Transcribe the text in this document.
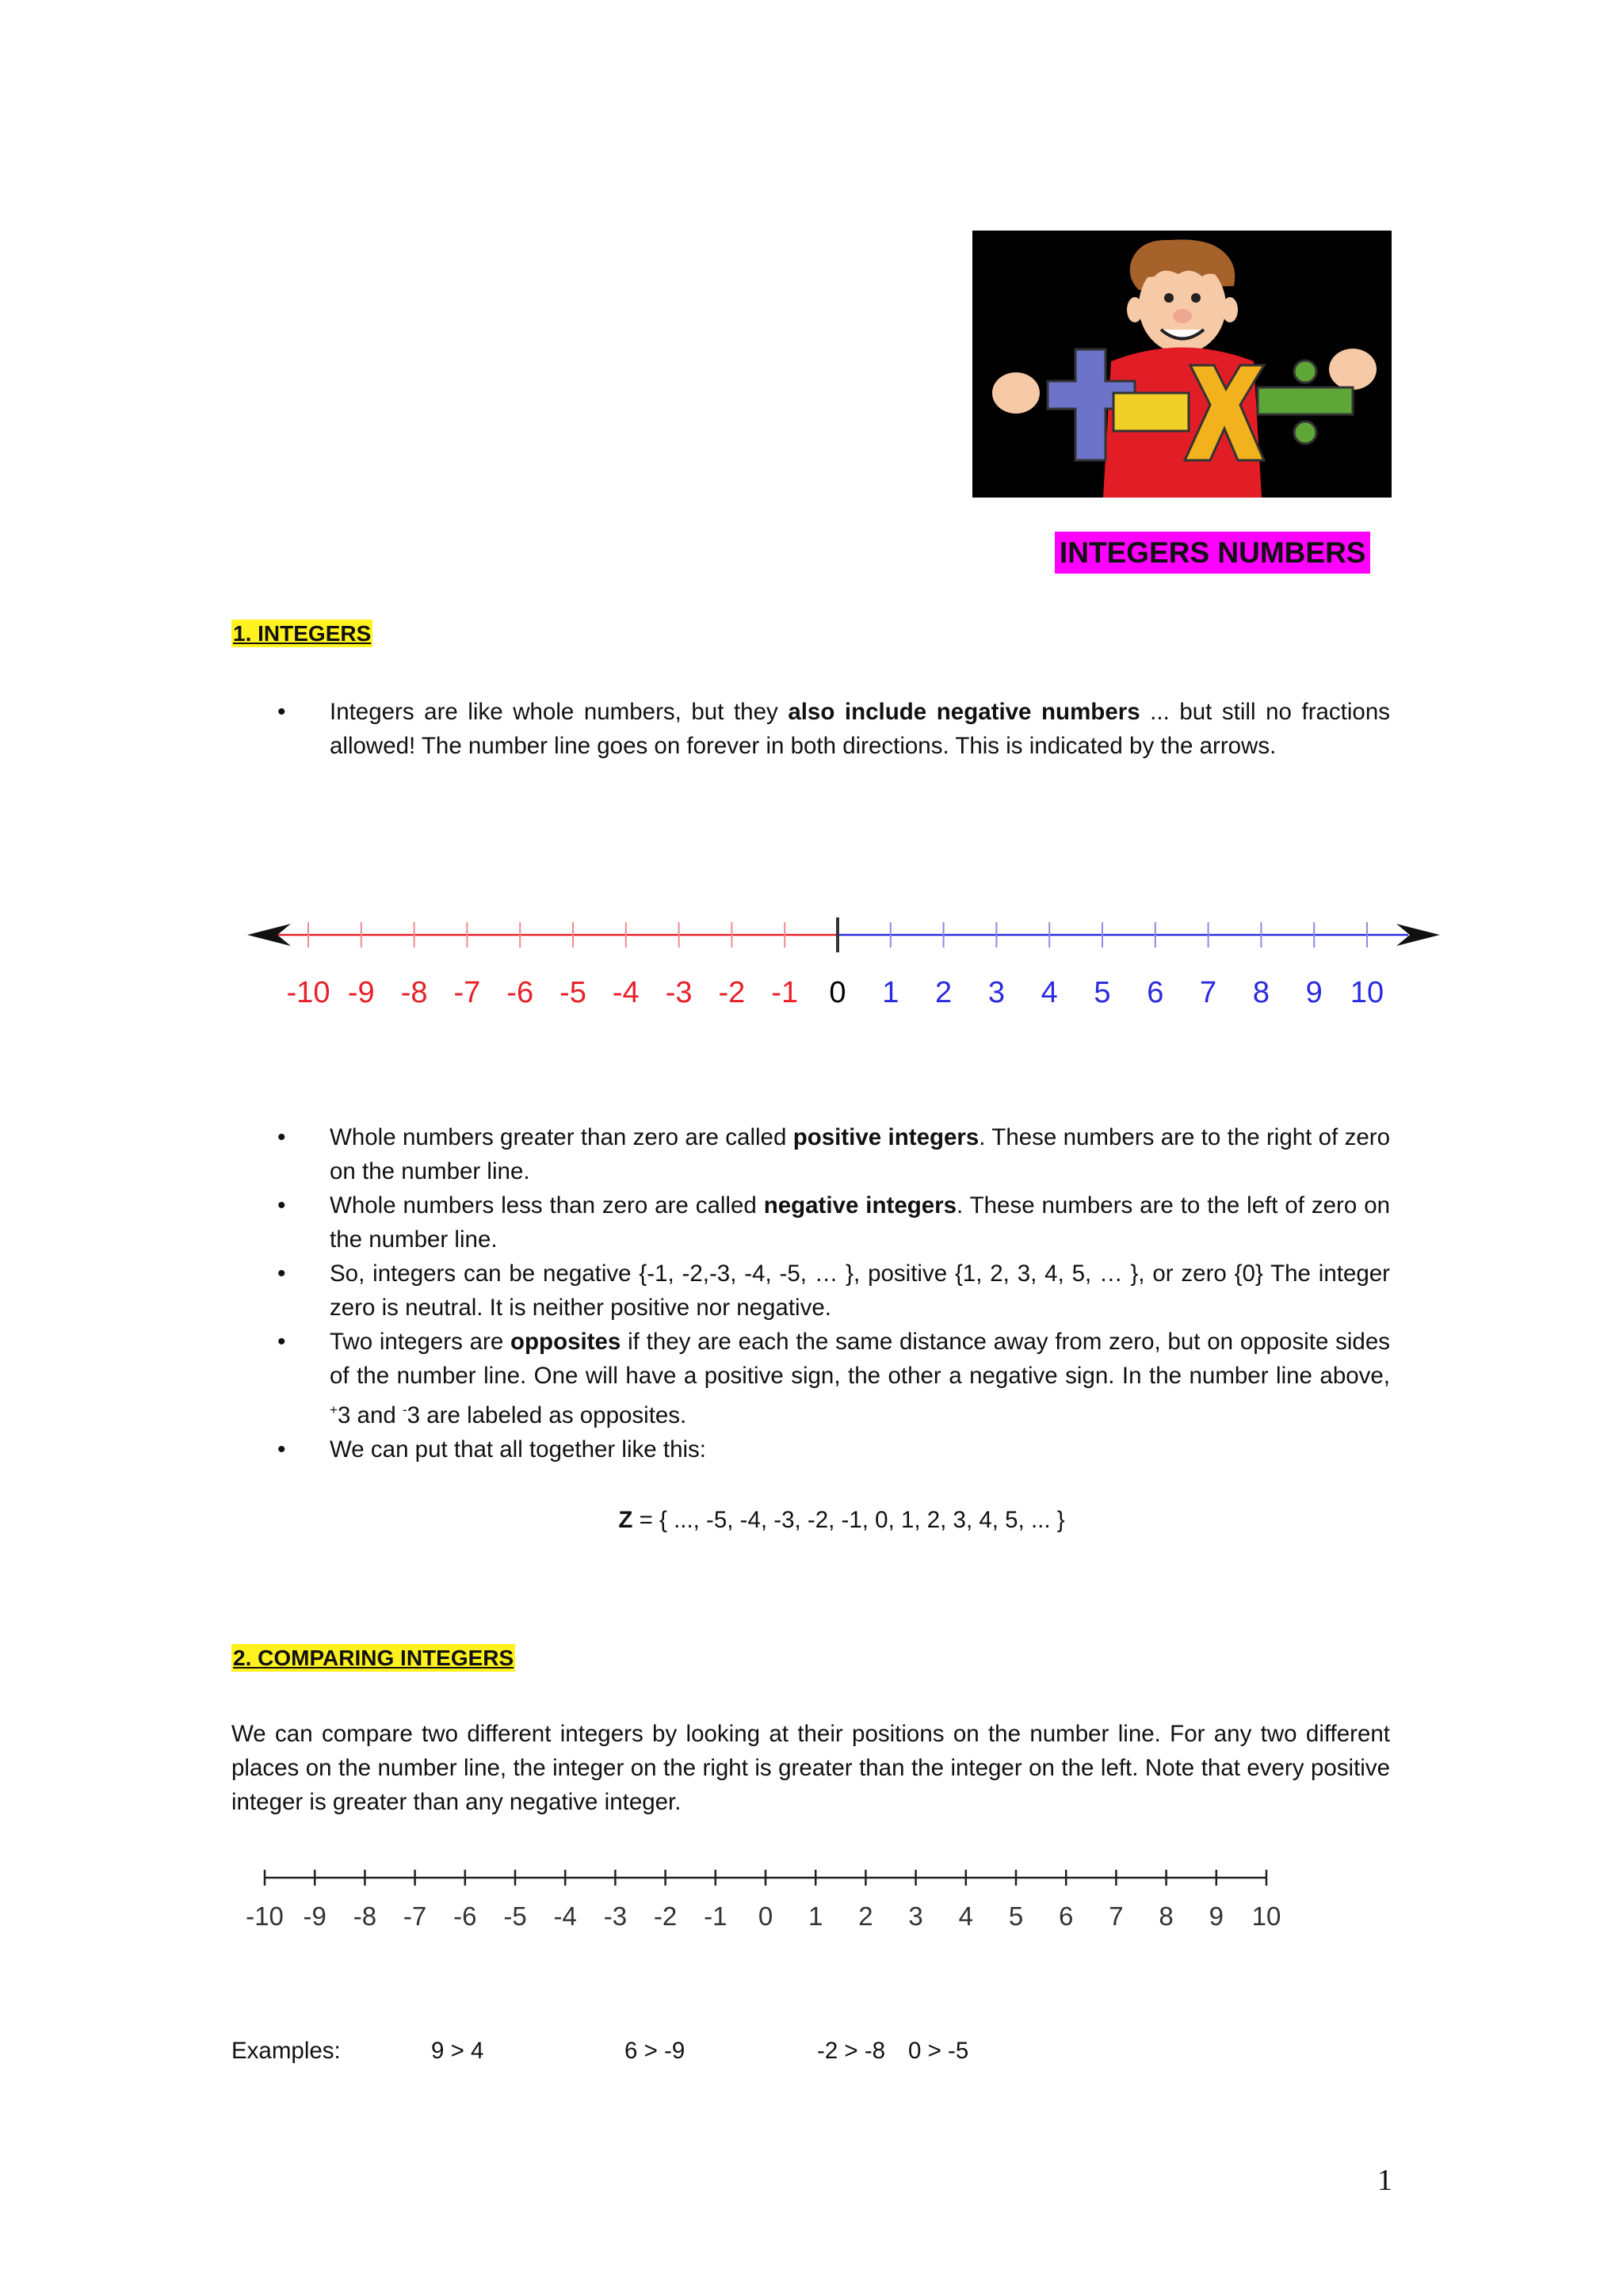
INTEGERS NUMBERS
1. INTEGERS
• Integers are like whole numbers, but they also include negative numbers ... but still no fractions allowed! The number line goes on forever in both directions. This is indicated by the arrows.
-10 -9 -8 -7 -6 -5 -4 -3 -2 -1 0 1 2 3 4 5 6 7 8 9 10
• Whole numbers greater than zero are called positive integers. These numbers are to the right of zero on the number line.
• Whole numbers less than zero are called negative integers. These numbers are to the left of zero on the number line.
• So, integers can be negative {-1, -2,-3, -4, -5, … }, positive {1, 2, 3, 4, 5, … }, or zero {0} The integer zero is neutral. It is neither positive nor negative.
• Two integers are opposites if they are each the same distance away from zero, but on opposite sides of the number line. One will have a positive sign, the other a negative sign. In the number line above, +3 and -3 are labeled as opposites.
• We can put that all together like this:
Z = { ..., -5, -4, -3, -2, -1, 0, 1, 2, 3, 4, 5, ... }
2. COMPARING INTEGERS
We can compare two different integers by looking at their positions on the number line. For any two different places on the number line, the integer on the right is greater than the integer on the left. Note that every positive integer is greater than any negative integer.
-10 -9 -8 -7 -6 -5 -4 -3 -2 -1 0 1 2 3 4 5 6 7 8 9 10
Examples:	9 > 4	6 > -9	-2 > -8 0 > -5
1
